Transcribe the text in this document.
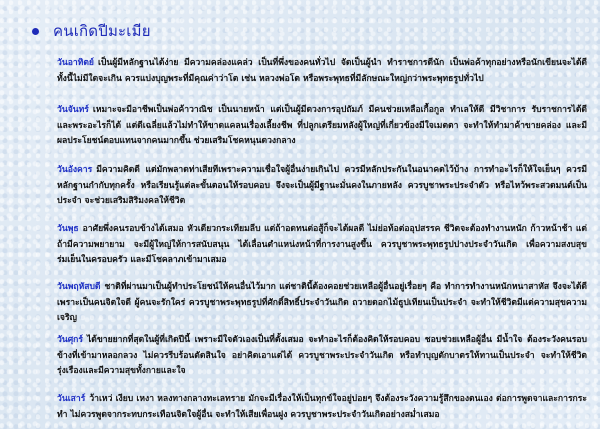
คนเกิดปีมะเมีย
วันอาทิตย์ เป็นผู้มีหลักฐานได้ง่าย มีความคล่องแคล่ว เป็นที่พึ่งของคนทั่วไป จัดเป็นผู้นำ ทำราชการดีนัก เป็นพ่อค้าทุกอย่างหรือนักเขียนจะได้ดีทั้งนี้ไม่มีใดจะเกิน ควรแบ่งบุญพระที่มีคุณค่าว่าโต เช่น หลวงพ่อโต หรือพระพุทธที่มีลักษณะใหญ่กว่าพระพุทธรูปทั่วไป
วันจันทร์ เหมาะจะมีอาชีพเป็นพ่อค้าวาณิช เป็นนายหน้า แต่เป็นผู้มีดวงการอุปถัมภ์ มีคนช่วยเหลือเกื้อกูล ทำเลให้ดี มีวิชาการ รับราชการได้ดี และพระอะไรก็ได้ แต่ดีเฉลี่ยแล้วไม่ทำให้ขาดแคลนเรื่องเลี้ยงชีพ ที่ปลูกเตรียมหลังผู้ใหญ่ที่เกี่ยวข้องมีใจเมตตา จะทำให้ทำมาค้าขายคล่อง และมีผลประโยชน์ตอบแทนจากคนมากขึ้น ช่วยเสริมโชคหนุนดวงกลาง
วันอังคาร มีความคิดดี แต่มักพลาดท่าเสียทีเพราะความเชื่อใจผู้อื่นง่ายเกินไป ควรมีหลักประกันในอนาคตไว้บ้าง การทำอะไรก็ให้ใจเย็นๆ ควรมีหลักฐานกำกับทุกครั้ง หรือเรียนรู้แต่ละขั้นตอนให้รอบคอบ จึงจะเป็นผู้มีฐานะมั่นคงในภายหลัง ควรบูชาพระประจำตัว หรือไหว้พระสวดมนต์เป็นประจำ จะช่วยเสริมสิริมงคลให้ชีวิต
วันพุธ อาศัยพึ่งคนรอบข้างได้เสมอ หัวเดียวกระเทียมลีบ แต่ถ้าอดทนต่อสู้ก็จะได้ผลดี ไม่ย่อท้อต่ออุปสรรค ชีวิตจะต้องทำงานหนัก ก้าวหน้าช้า แต่ถ้ามีความพยายาม จะมีผู้ใหญ่ให้การสนับสนุน ได้เลื่อนตำแหน่งหน้าที่การงานสูงขึ้น ควรบูชาพระพุทธรูปปางประจำวันเกิด เพื่อความสงบสุขร่มเย็นในครอบครัว และมีโชคลาภเข้ามาเสมอ
วันพฤหัสบดี ชาติที่ผ่านมาเป็นผู้ทำประโยชน์ให้คนอื่นไว้มาก แต่ชาตินี้ต้องคอยช่วยเหลือผู้อื่นอยู่เรื่อยๆ คือ ทำการทำงานหนักหนาสาหัส จึงจะได้ดี เพราะเป็นคนจิตใจดี ผู้คนจะรักใคร่ ควรบูชาพระพุทธรูปที่ศักดิ์สิทธิ์ประจำวันเกิด ถวายดอกไม้ธูปเทียนเป็นประจำ จะทำให้ชีวิตมีแต่ความสุขความเจริญ
วันศุกร์ ได้ขายยากที่สุดในผู้ที่เกิดปีนี้ เพราะมีใจตัวเองเป็นที่ตั้งเสมอ จะทำอะไรก็ต้องคิดให้รอบคอบ ชอบช่วยเหลือผู้อื่น มีน้ำใจ ต้องระวังคนรอบข้างที่เข้ามาหลอกลวง ไม่ควรรีบร้อนตัดสินใจ อย่าคิดเอาแต่ได้ ควรบูชาพระประจำวันเกิด หรือทำบุญตักบาตรให้ทานเป็นประจำ จะทำให้ชีวิตรุ่งเรืองและมีความสุขทั้งกายและใจ
วันเสาร์ ว้าเหว่ เงียบ เหงา หลงทางกลางทะเลทราย มักจะมีเรื่องให้เป็นทุกข์ใจอยู่บ่อยๆ จึงต้องระวังความรู้สึกของตนเอง ต่อการพูดจาและการกระทำ ไม่ควรพูดจากระทบกระเทือนจิตใจผู้อื่น จะทำให้เสียเพื่อนฝูง ควรบูชาพระประจำวันเกิดอย่างสม่ำเสมอ
